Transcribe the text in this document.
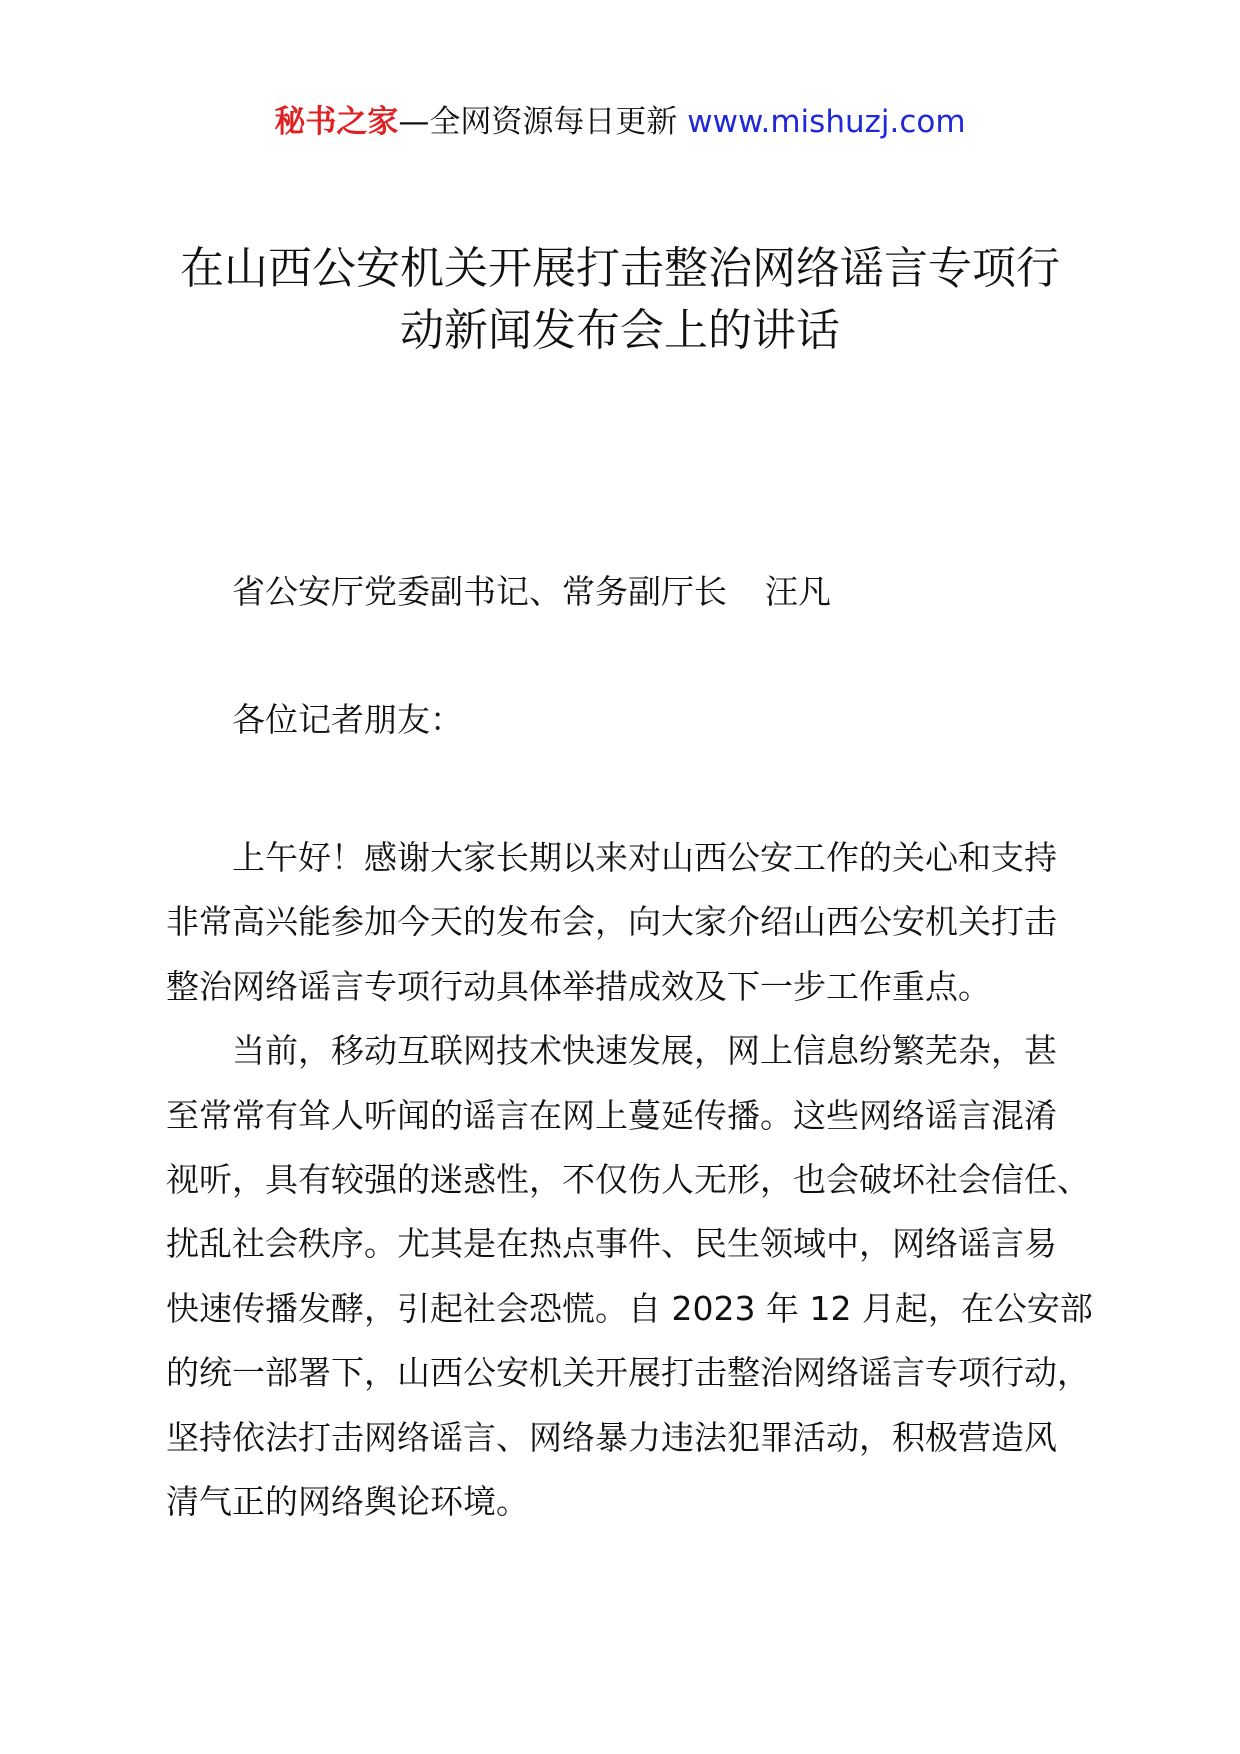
秘书之家—全网资源每日更新 www.mishuzj.com
在山西公安机关开展打击整治网络谣言专项行
动新闻发布会上的讲话
省公安厅党委副书记、常务副厅长 汪凡
各位记者朋友：
上午好！感谢大家长期以来对山西公安工作的关心和支持
非常高兴能参加今天的发布会，向大家介绍山西公安机关打击
整治网络谣言专项行动具体举措成效及下一步工作重点。
当前，移动互联网技术快速发展，网上信息纷繁芜杂，甚
至常常有耸人听闻的谣言在网上蔓延传播。这些网络谣言混淆
视听，具有较强的迷惑性，不仅伤人无形，也会破坏社会信任、
扰乱社会秩序。尤其是在热点事件、民生领域中，网络谣言易
快速传播发酵，引起社会恐慌。自 2023 年 12 月起，在公安部
的统一部署下，山西公安机关开展打击整治网络谣言专项行动，
坚持依法打击网络谣言、网络暴力违法犯罪活动，积极营造风
清气正的网络舆论环境。
